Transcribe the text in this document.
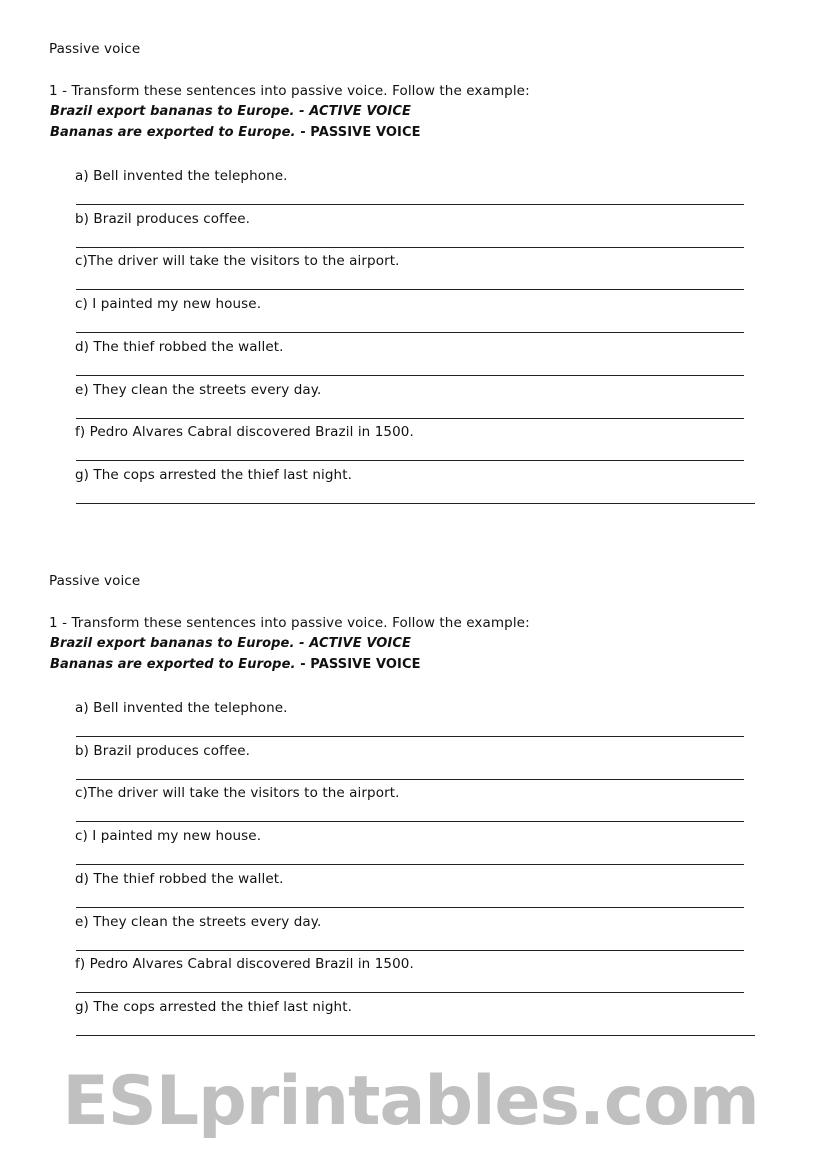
Passive voice
1 - Transform these sentences into passive voice. Follow the example:
Brazil export bananas to Europe. - ACTIVE VOICE
Bananas are exported to Europe. - PASSIVE VOICE
a) Bell invented the telephone.
b) Brazil produces coffee.
c)The driver will take the visitors to the airport.
c) I painted my new house.
d) The thief robbed the wallet.
e) They clean the streets every day.
f) Pedro Alvares Cabral discovered Brazil in 1500.
g) The cops arrested the thief last night.
Passive voice
1 - Transform these sentences into passive voice. Follow the example:
Brazil export bananas to Europe. - ACTIVE VOICE
Bananas are exported to Europe. - PASSIVE VOICE
a) Bell invented the telephone.
b) Brazil produces coffee.
c)The driver will take the visitors to the airport.
c) I painted my new house.
d) The thief robbed the wallet.
e) They clean the streets every day.
f) Pedro Alvares Cabral discovered Brazil in 1500.
g) The cops arrested the thief last night.
ESLprintables.com
